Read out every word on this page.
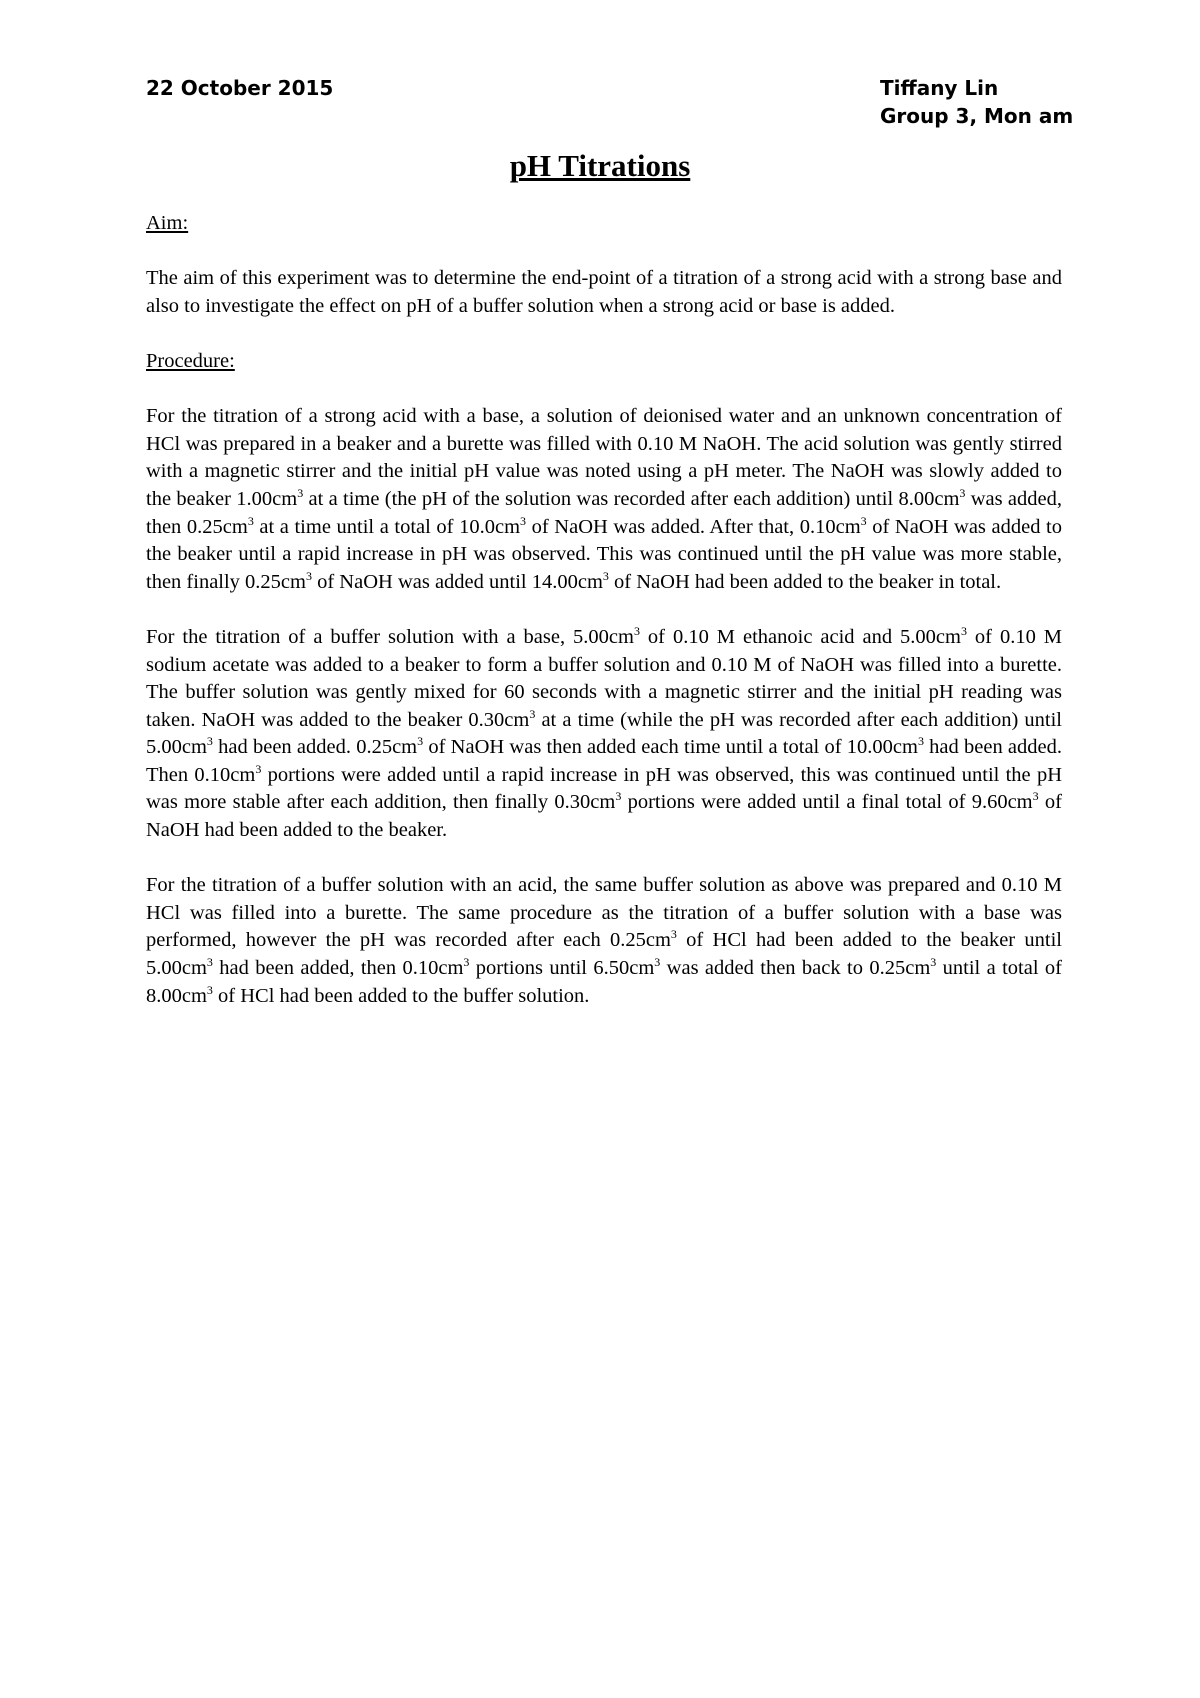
22 October 2015	Tiffany Lin
Group 3, Mon am
pH Titrations
Aim:
The aim of this experiment was to determine the end-point of a titration of a strong acid with a strong base and also to investigate the effect on pH of a buffer solution when a strong acid or base is added.
Procedure:
For the titration of a strong acid with a base, a solution of deionised water and an unknown concentration of HCl was prepared in a beaker and a burette was filled with 0.10 M NaOH. The acid solution was gently stirred with a magnetic stirrer and the initial pH value was noted using a pH meter. The NaOH was slowly added to the beaker $1.00cm^3$ at a time (the pH of the solution was recorded after each addition) until $8.00cm^3$ was added, then $0.25cm^3$ at a time until a total of $10.0cm^3$ of NaOH was added. After that, $0.10cm^3$ of NaOH was added to the beaker until a rapid increase in pH was observed. This was continued until the pH value was more stable, then finally $0.25cm^3$ of NaOH was added until $14.00cm^3$ of NaOH had been added to the beaker in total.
For the titration of a buffer solution with a base, $5.00cm^3$ of 0.10 M ethanoic acid and $5.00cm^3$ of 0.10 M sodium acetate was added to a beaker to form a buffer solution and 0.10 M of NaOH was filled into a burette. The buffer solution was gently mixed for 60 seconds with a magnetic stirrer and the initial pH reading was taken. NaOH was added to the beaker $0.30cm^3$ at a time (while the pH was recorded after each addition) until $5.00cm^3$ had been added. $0.25cm^3$ of NaOH was then added each time until a total of $10.00cm^3$ had been added. Then $0.10cm^3$ portions were added until a rapid increase in pH was observed, this was continued until the pH was more stable after each addition, then finally $0.30cm^3$ portions were added until a final total of $9.60cm^3$ of NaOH had been added to the beaker.
For the titration of a buffer solution with an acid, the same buffer solution as above was prepared and 0.10 M HCl was filled into a burette. The same procedure as the titration of a buffer solution with a base was performed, however the pH was recorded after each $0.25cm^3$ of HCl had been added to the beaker until $5.00cm^3$ had been added, then $0.10cm^3$ portions until $6.50cm^3$ was added then back to $0.25cm^3$ until a total of $8.00cm^3$ of HCl had been added to the buffer solution.
